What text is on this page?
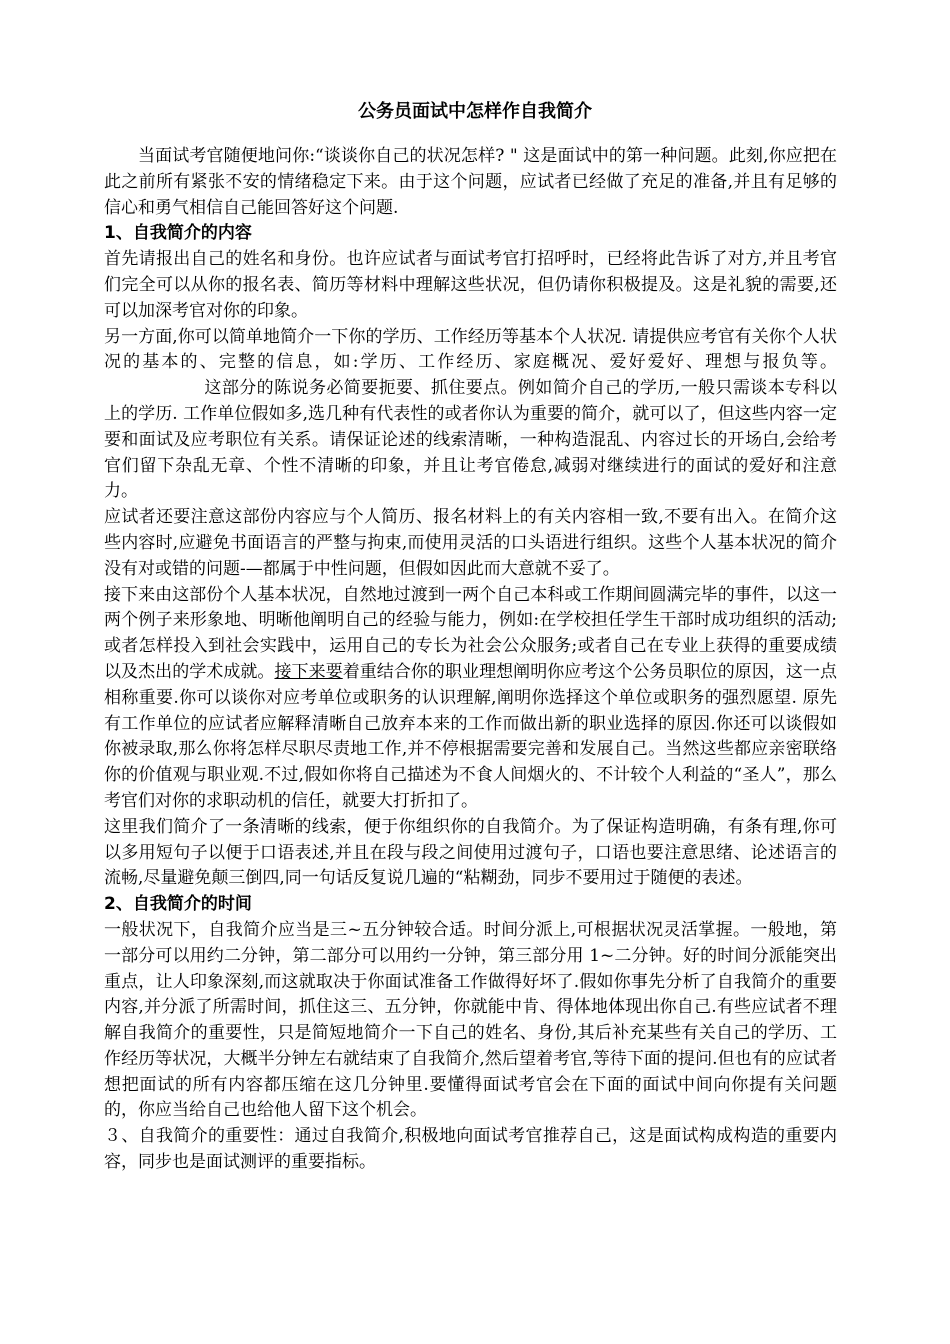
公务员面试中怎样作自我简介

当面试考官随便地问你:“谈谈你自己的状况怎样? " 这是面试中的第一种问题。此刻,你应把在此之前所有紧张不安的情绪稳定下来。由于这个问题，应试者已经做了充足的准备,并且有足够的信心和勇气相信自己能回答好这个问题.

1、自我简介的内容

首先请报出自己的姓名和身份。也许应试者与面试考官打招呼时，已经将此告诉了对方,并且考官们完全可以从你的报名表、简历等材料中理解这些状况，但仍请你积极提及。这是礼貌的需要,还可以加深考官对你的印象。

另一方面,你可以简单地简介一下你的学历、工作经历等基本个人状况. 请提供应考官有关你个人状况的基本的、完整的信息，如:学历、工作经历、家庭概况、爱好爱好、理想与报负等。这部分的陈说务必简要扼要、抓住要点。例如简介自己的学历,一般只需谈本专科以上的学历. 工作单位假如多,选几种有代表性的或者你认为重要的简介，就可以了，但这些内容一定要和面试及应考职位有关系。请保证论述的线索清晰，一种构造混乱、内容过长的开场白,会给考官们留下杂乱无章、个性不清晰的印象，并且让考官倦怠,减弱对继续进行的面试的爱好和注意力。

应试者还要注意这部份内容应与个人简历、报名材料上的有关内容相一致,不要有出入。在简介这些内容时,应避免书面语言的严整与拘束,而使用灵活的口头语进行组织。这些个人基本状况的简介没有对或错的问题-—都属于中性问题，但假如因此而大意就不妥了。

接下来由这部份个人基本状况，自然地过渡到一两个自己本科或工作期间圆满完毕的事件，以这一两个例子来形象地、明晰他阐明自己的经验与能力，例如:在学校担任学生干部时成功组织的活动;或者怎样投入到社会实践中，运用自己的专长为社会公众服务;或者自己在专业上获得的重要成绩以及杰出的学术成就。接下来要着重结合你的职业理想阐明你应考这个公务员职位的原因，这一点相称重要.你可以谈你对应考单位或职务的认识理解,阐明你选择这个单位或职务的强烈愿望. 原先有工作单位的应试者应解释清晰自己放弃本来的工作而做出新的职业选择的原因.你还可以谈假如你被录取,那么你将怎样尽职尽责地工作,并不停根据需要完善和发展自己。当然这些都应亲密联络你的价值观与职业观.不过,假如你将自己描述为不食人间烟火的、不计较个人利益的“圣人”，那么考官们对你的求职动机的信任，就要大打折扣了。

这里我们简介了一条清晰的线索，便于你组织你的自我简介。为了保证构造明确，有条有理,你可以多用短句子以便于口语表述,并且在段与段之间使用过渡句子，口语也要注意思绪、论述语言的流畅,尽量避免颠三倒四,同一句话反复说几遍的“粘糊劲，同步不要用过于随便的表述。

2、自我简介的时间

一般状况下，自我简介应当是三~五分钟较合适。时间分派上,可根据状况灵活掌握。一般地，第一部分可以用约二分钟，第二部分可以用约一分钟，第三部分用 1~二分钟。好的时间分派能突出重点，让人印象深刻,而这就取决于你面试准备工作做得好坏了.假如你事先分析了自我简介的重要内容,并分派了所需时间，抓住这三、五分钟，你就能中肯、得体地体现出你自己.有些应试者不理解自我简介的重要性，只是简短地简介一下自己的姓名、身份,其后补充某些有关自己的学历、工作经历等状况，大概半分钟左右就结束了自我简介,然后望着考官,等待下面的提问.但也有的应试者想把面试的所有内容都压缩在这几分钟里.要懂得面试考官会在下面的面试中间向你提有关问题的，你应当给自己也给他人留下这个机会。

３、自我简介的重要性：通过自我简介,积极地向面试考官推荐自己，这是面试构成构造的重要内容，同步也是面试测评的重要指标。
